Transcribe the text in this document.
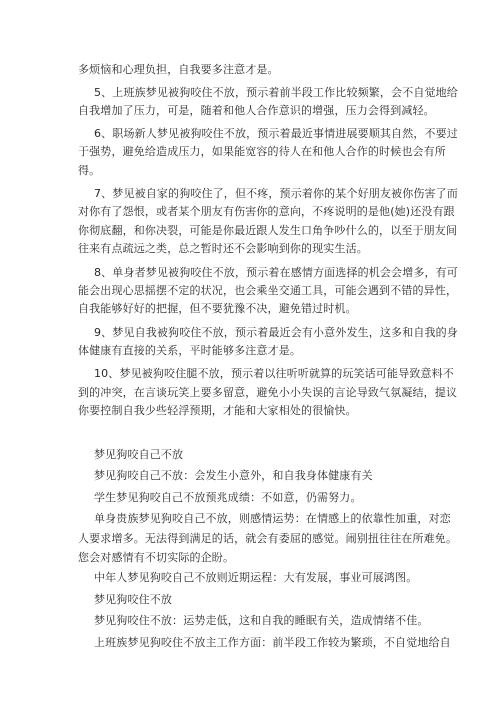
多烦恼和心理负担，自我要多注意才是。
5、上班族梦见被狗咬住不放，预示着前半段工作比较频繁，会不自觉地给
自我增加了压力，可是，随着和他人合作意识的增强，压力会得到减轻。
6、职场新人梦见被狗咬住不放，预示着最近事情进展要顺其自然，不要过
于强势，避免给造成压力，如果能宽容的待人在和他人合作的时候也会有所
得。
7、梦见被自家的狗咬住了，但不疼，预示着你的某个好朋友被你伤害了而
对你有了怨恨，或者某个朋友有伤害你的意向，不疼说明的是他(她)还没有跟
你彻底翻，和你决裂，可能是你最近跟人发生口角争吵什么的，以至于朋友间
往来有点疏远之类，总之暂时还不会影响到你的现实生活。
8、单身者梦见被狗咬住不放，预示着在感情方面选择的机会会增多，有可
能会出现心思摇摆不定的状况，也会乘坐交通工具，可能会遇到不错的异性，
自我能够好好的把握，但不要犹豫不决，避免错过时机。
9、梦见自我被狗咬住不放，预示着最近会有小意外发生，这多和自我的身
体健康有直接的关系，平时能够多注意才是。
10、梦见被狗咬住腿不放，预示着以往听听就算的玩笑话可能导致意料不
到的冲突，在言谈玩笑上要多留意，避免小小失误的言论导致气氛凝结，提议
你要控制自我少些轻浮预期，才能和大家相处的很愉快。
梦见狗咬自己不放
梦见狗咬自己不放：会发生小意外，和自我身体健康有关
学生梦见狗咬自己不放预兆成绩：不如意，仍需努力。
单身贵族梦见狗咬自己不放，则感情运势：在情感上的依靠性加重，对恋
人要求增多。无法得到满足的话，就会有委屈的感觉。闹别扭往往在所难免。
您会对感情有不切实际的企盼。
中年人梦见狗咬自己不放则近期运程：大有发展，事业可展鸿图。
梦见狗咬住不放
梦见狗咬住不放：运势走低，这和自我的睡眠有关，造成情绪不佳。
上班族梦见狗咬住不放主工作方面：前半段工作较为繁琐，不自觉地给自
